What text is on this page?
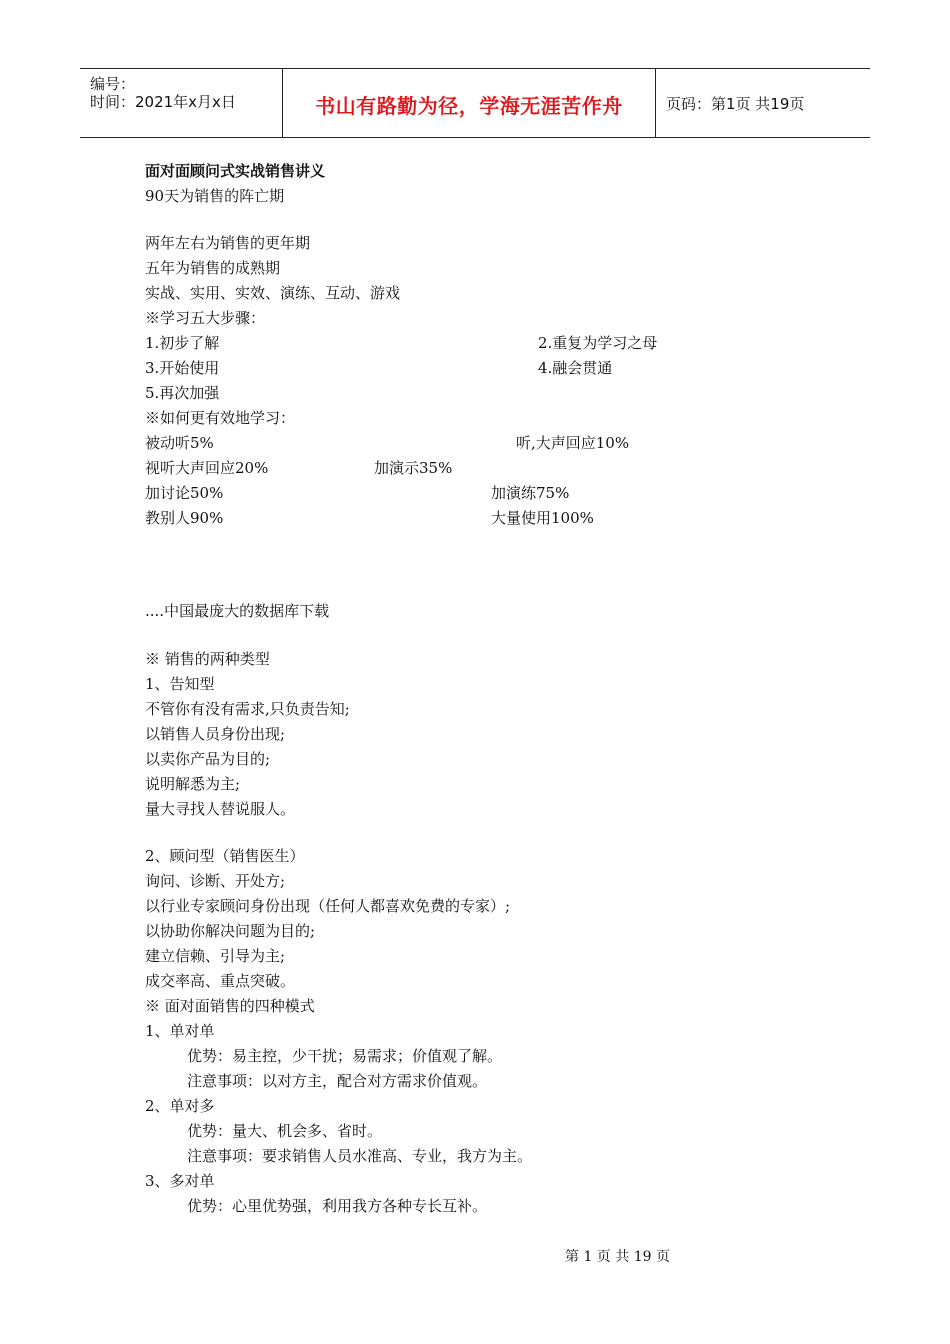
编号：
时间：2021年x月x日	书山有路勤为径，学海无涯苦作舟	页码：第1页 共19页
面对面顾问式实战销售讲义
90天为销售的阵亡期
两年左右为销售的更年期
五年为销售的成熟期
实战、实用、实效、演练、互动、游戏
※学习五大步骤：
1.初步了解	2.重复为学习之母
3.开始使用	4.融会贯通
5.再次加强
※如何更有效地学习：
被动听5%	听,大声回应10%
视听大声回应20%	加演示35%
加讨论50%	加演练75%
教别人90%	大量使用100%
....中国最庞大的数据库下载
※ 销售的两种类型
1、告知型
不管你有没有需求,只负责告知;
以销售人员身份出现;
以卖你产品为目的;
说明解悉为主;
量大寻找人替说服人。
2、顾问型（销售医生）
询问、诊断、开处方;
以行业专家顾问身份出现（任何人都喜欢免费的专家）;
以协助你解决问题为目的;
建立信赖、引导为主;
成交率高、重点突破。
※ 面对面销售的四种模式
1、单对单
优势：易主控，少干扰；易需求；价值观了解。
注意事项：以对方主，配合对方需求价值观。
2、单对多
优势：量大、机会多、省时。
注意事项：要求销售人员水准高、专业，我方为主。
3、多对单
优势：心里优势强，利用我方各种专长互补。
第 1 页 共 19 页
